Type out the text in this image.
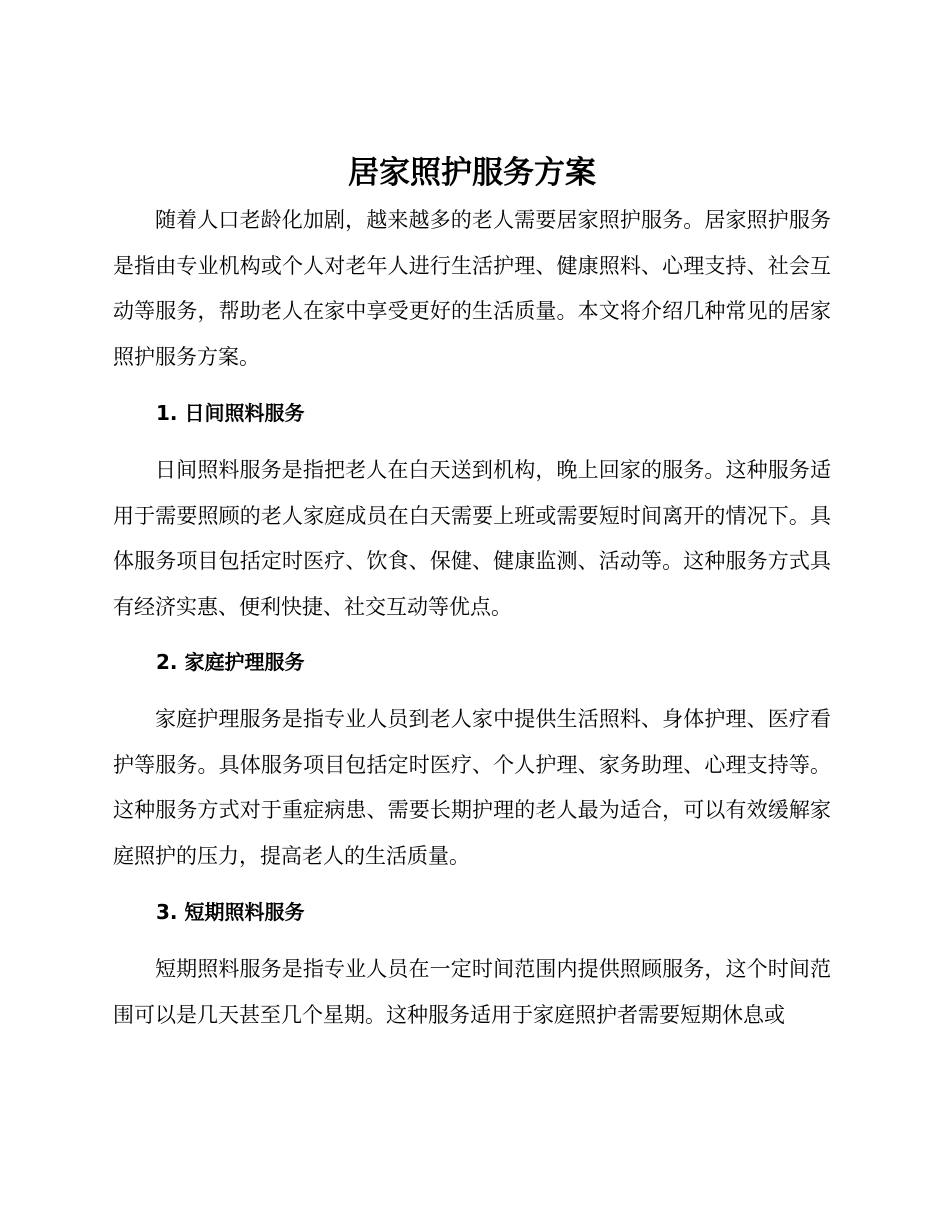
居家照护服务方案

随着人口老龄化加剧，越来越多的老人需要居家照护服务。居家照护服务是指由专业机构或个人对老年人进行生活护理、健康照料、心理支持、社会互动等服务，帮助老人在家中享受更好的生活质量。本文将介绍几种常见的居家照护服务方案。

1. 日间照料服务

日间照料服务是指把老人在白天送到机构，晚上回家的服务。这种服务适用于需要照顾的老人家庭成员在白天需要上班或需要短时间离开的情况下。具体服务项目包括定时医疗、饮食、保健、健康监测、活动等。这种服务方式具有经济实惠、便利快捷、社交互动等优点。

2. 家庭护理服务

家庭护理服务是指专业人员到老人家中提供生活照料、身体护理、医疗看护等服务。具体服务项目包括定时医疗、个人护理、家务助理、心理支持等。这种服务方式对于重症病患、需要长期护理的老人最为适合，可以有效缓解家庭照护的压力，提高老人的生活质量。

3. 短期照料服务

短期照料服务是指专业人员在一定时间范围内提供照顾服务，这个时间范围可以是几天甚至几个星期。这种服务适用于家庭照护者需要短期休息或
